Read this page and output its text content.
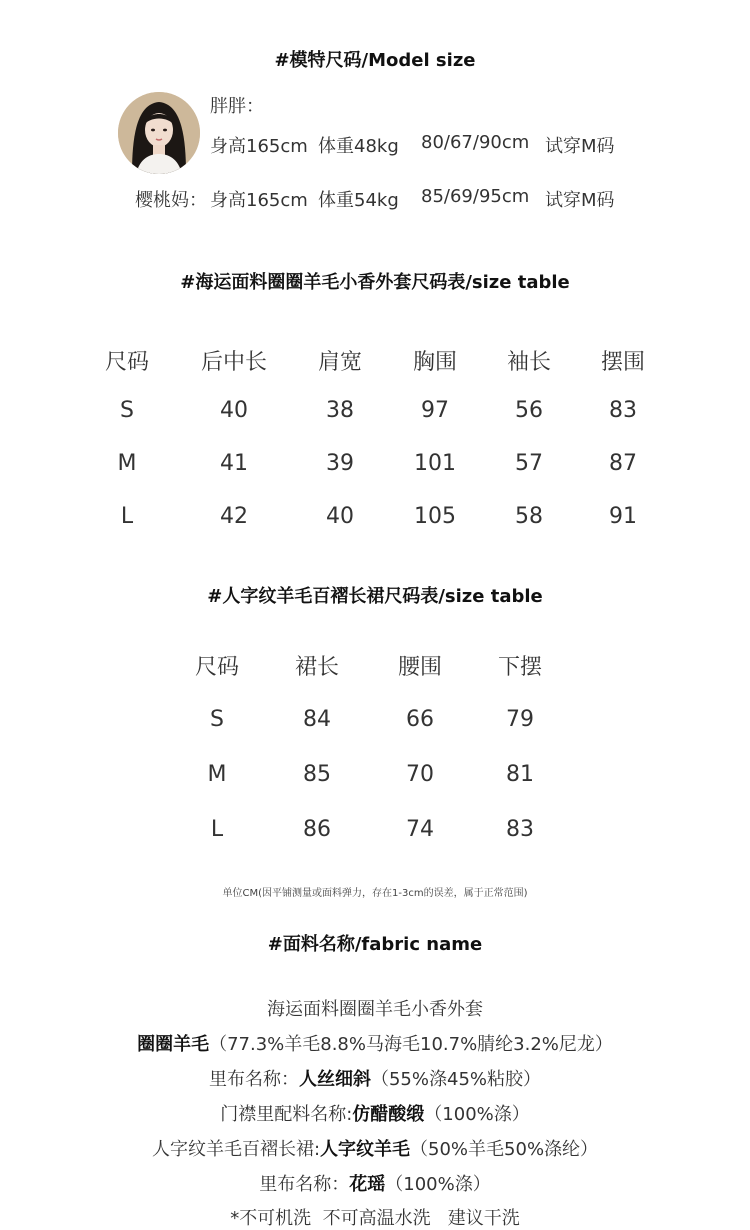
#模特尺码/Model size
胖胖：
身高165cm 体重48kg 80/67/90cm 试穿M码
樱桃妈： 身高165cm 体重54kg 85/69/95cm 试穿M码
#海运面料圈圈羊毛小香外套尺码表/size table
尺码	后中长	肩宽	胸围	袖长	摆围
S	40	38	97	56	83
M	41	39	101	57	87
L	42	40	105	58	91
#人字纹羊毛百褶长裙尺码表/size table
尺码	裙长	腰围	下摆
S	84	66	79
M	85	70	81
L	86	74	83
单位CM(因平铺测量或面料弹力，存在1-3cm的误差，属于正常范围)
#面料名称/fabric name
海运面料圈圈羊毛小香外套
圈圈羊毛（77.3%羊毛8.8%马海毛10.7%腈纶3.2%尼龙）
里布名称：人丝细斜（55%涤45%粘胶）
门襟里配料名称:仿醋酸缎（100%涤）
人字纹羊毛百褶长裙:人字纹羊毛（50%羊毛50%涤纶）
里布名称：花瑶（100%涤）
*不可机洗  不可高温水洗   建议干洗
